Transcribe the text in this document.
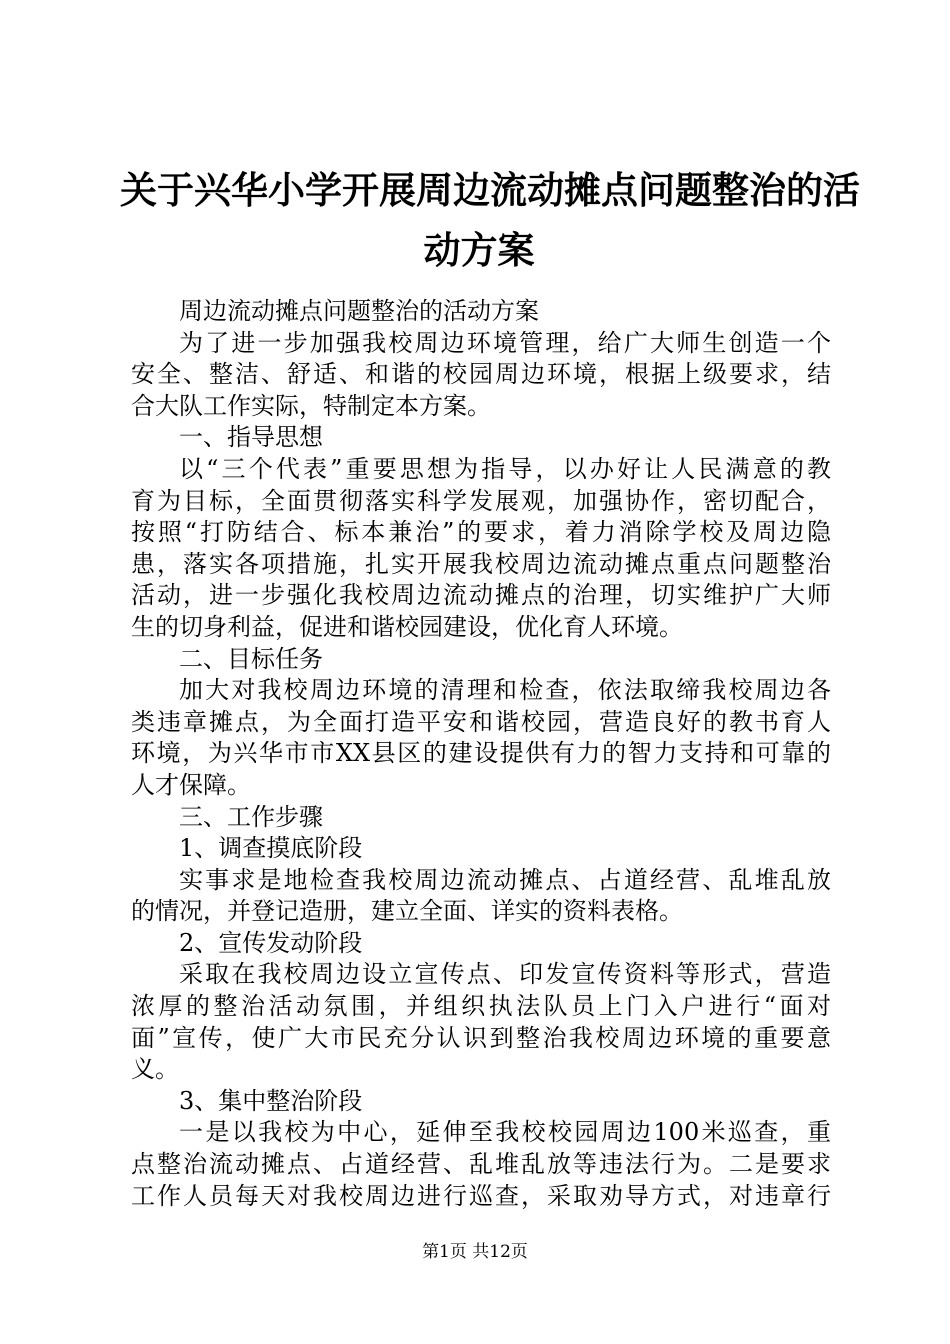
关于兴华小学开展周边流动摊点问题整治的活
动方案
周边流动摊点问题整治的活动方案
为了进一步加强我校周边环境管理，给广大师生创造一个
安全、整洁、舒适、和谐的校园周边环境，根据上级要求，结
合大队工作实际，特制定本方案。
一、指导思想
以“三个代表”重要思想为指导，以办好让人民满意的教
育为目标，全面贯彻落实科学发展观，加强协作，密切配合，
按照“打防结合、标本兼治”的要求，着力消除学校及周边隐
患，落实各项措施，扎实开展我校周边流动摊点重点问题整治
活动，进一步强化我校周边流动摊点的治理，切实维护广大师
生的切身利益，促进和谐校园建设，优化育人环境。
二、目标任务
加大对我校周边环境的清理和检查，依法取缔我校周边各
类违章摊点，为全面打造平安和谐校园，营造良好的教书育人
环境，为兴华市市XX县区的建设提供有力的智力支持和可靠的
人才保障。
三、工作步骤
1、调查摸底阶段
实事求是地检查我校周边流动摊点、占道经营、乱堆乱放
的情况，并登记造册，建立全面、详实的资料表格。
2、宣传发动阶段
采取在我校周边设立宣传点、印发宣传资料等形式，营造
浓厚的整治活动氛围，并组织执法队员上门入户进行“面对
面”宣传，使广大市民充分认识到整治我校周边环境的重要意
义。
3、集中整治阶段
一是以我校为中心，延伸至我校校园周边100米巡查，重
点整治流动摊点、占道经营、乱堆乱放等违法行为。二是要求
工作人员每天对我校周边进行巡查，采取劝导方式，对违章行
第1页 共12页
